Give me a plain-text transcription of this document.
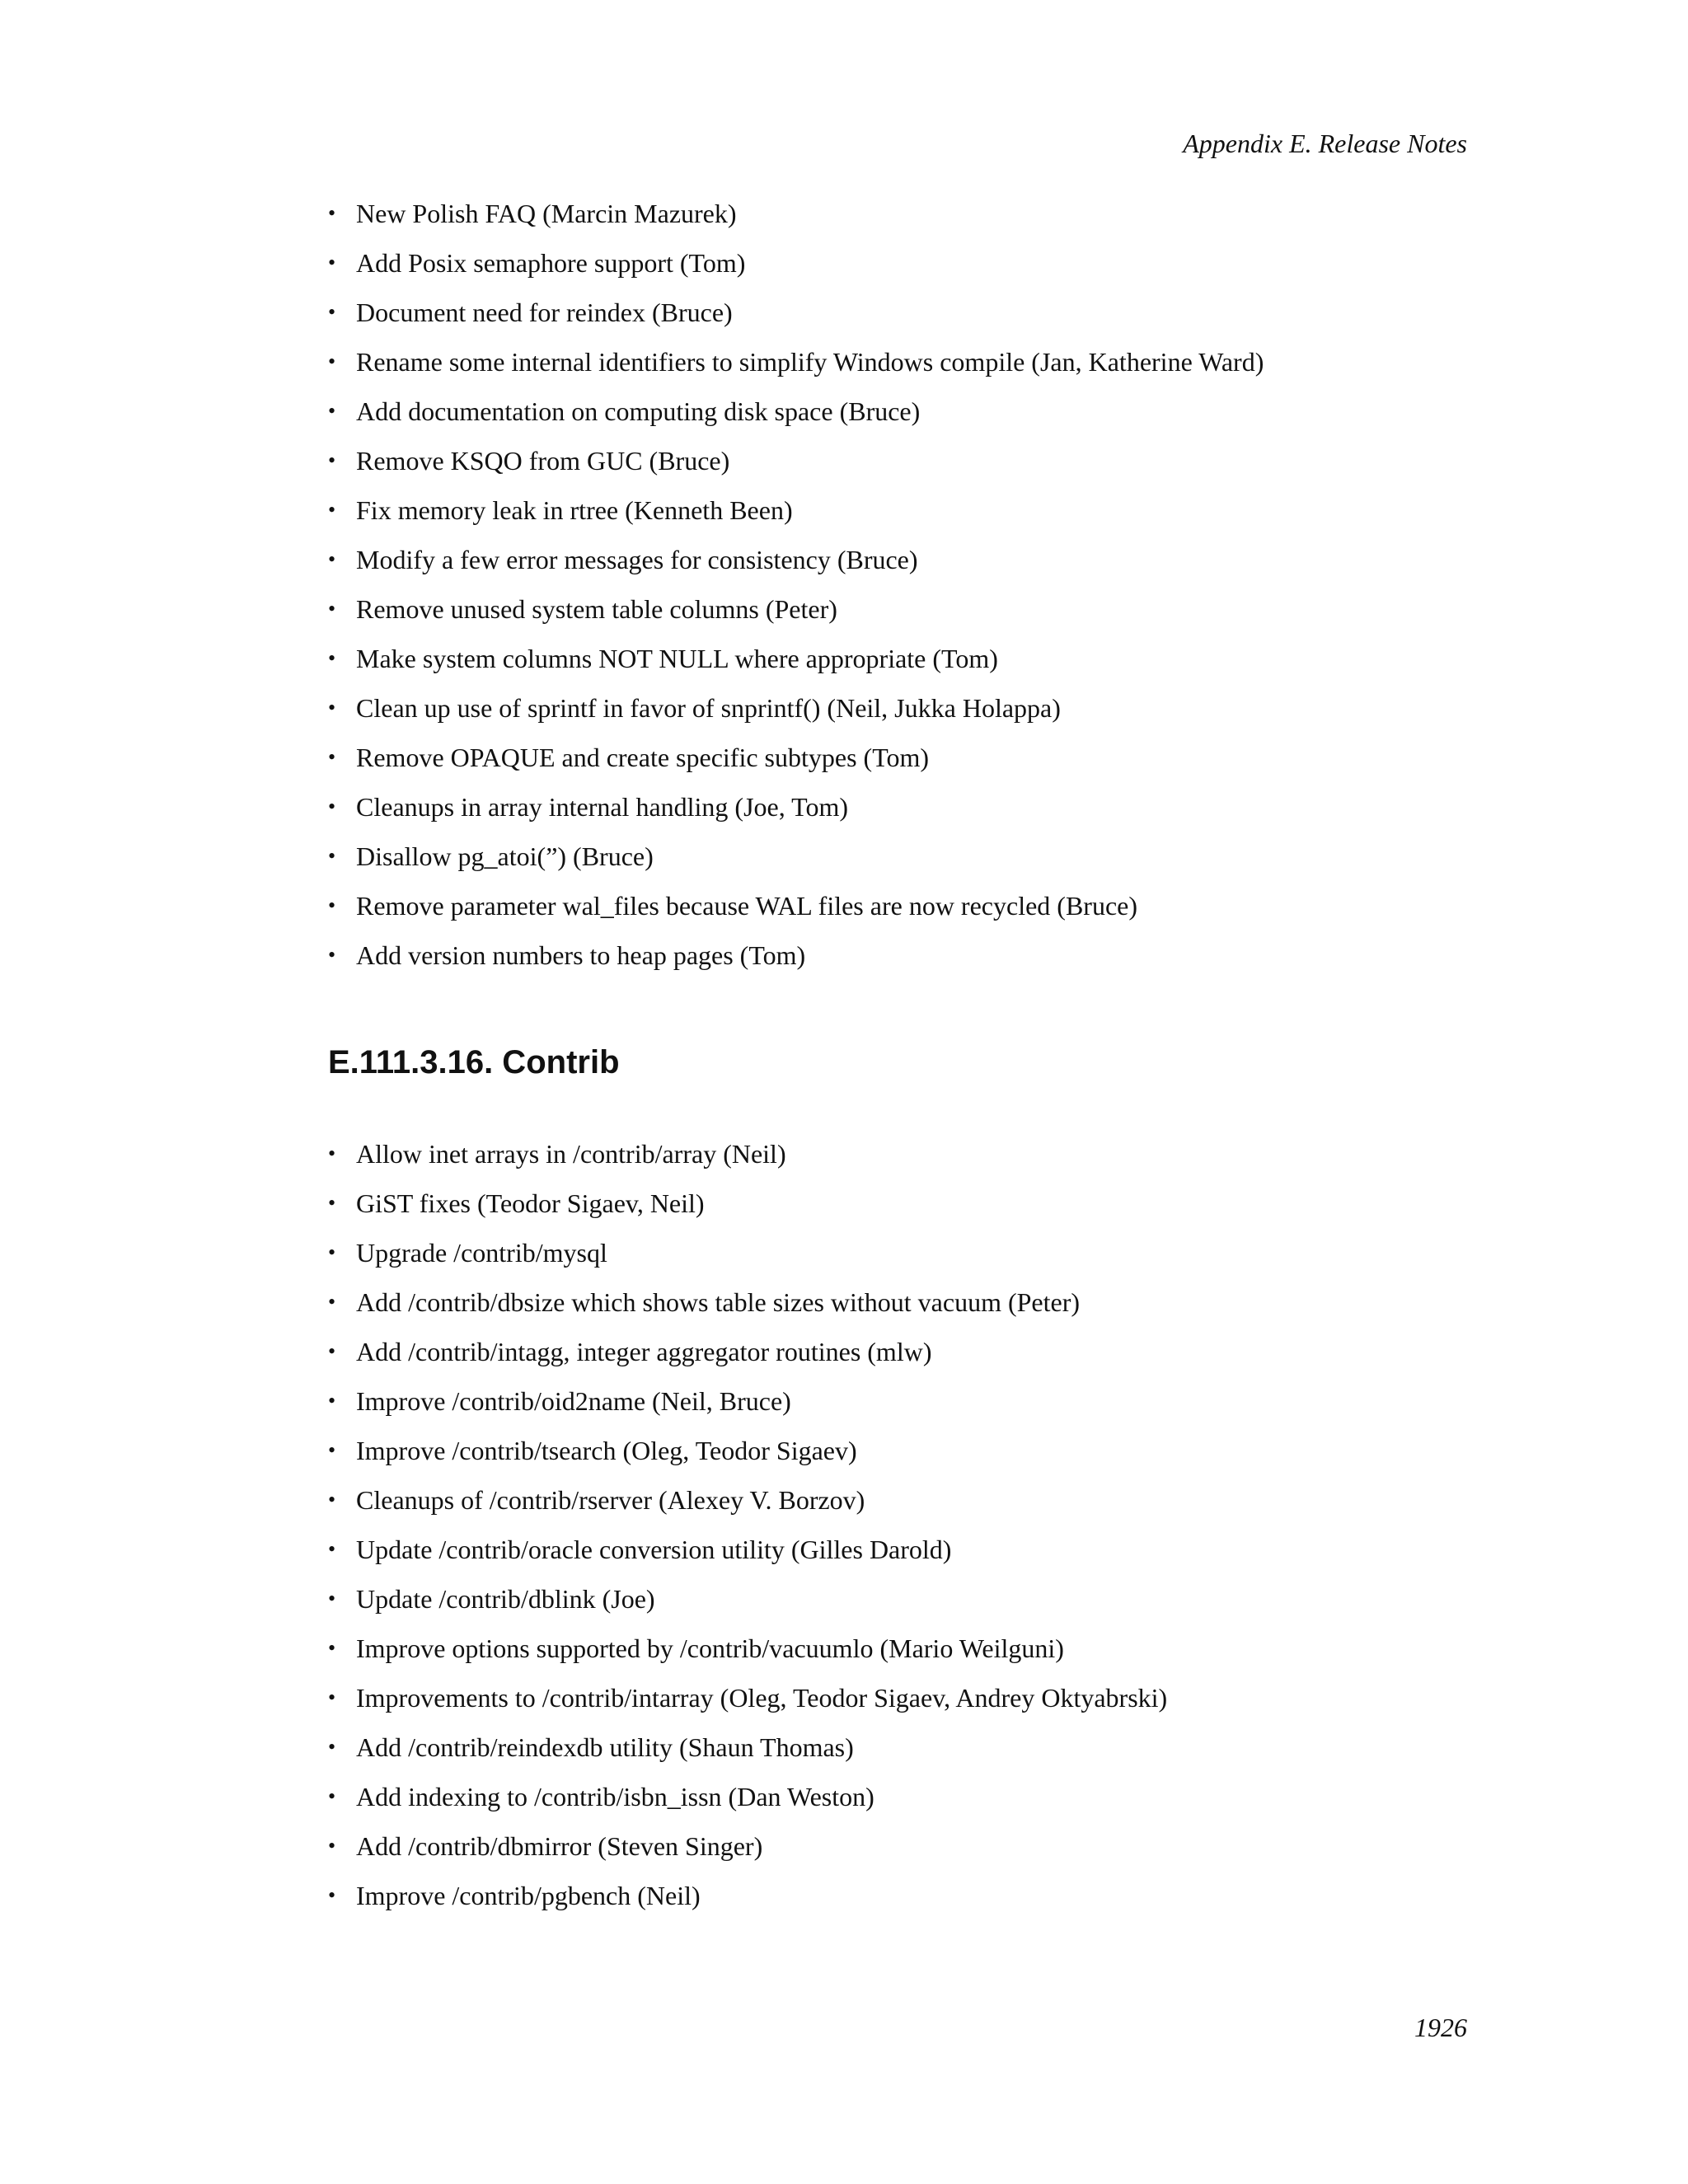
Appendix E. Release Notes
• New Polish FAQ (Marcin Mazurek)
• Add Posix semaphore support (Tom)
• Document need for reindex (Bruce)
• Rename some internal identifiers to simplify Windows compile (Jan, Katherine Ward)
• Add documentation on computing disk space (Bruce)
• Remove KSQO from GUC (Bruce)
• Fix memory leak in rtree (Kenneth Been)
• Modify a few error messages for consistency (Bruce)
• Remove unused system table columns (Peter)
• Make system columns NOT NULL where appropriate (Tom)
• Clean up use of sprintf in favor of snprintf() (Neil, Jukka Holappa)
• Remove OPAQUE and create specific subtypes (Tom)
• Cleanups in array internal handling (Joe, Tom)
• Disallow pg_atoi(”) (Bruce)
• Remove parameter wal_files because WAL files are now recycled (Bruce)
• Add version numbers to heap pages (Tom)
E.111.3.16. Contrib
• Allow inet arrays in /contrib/array (Neil)
• GiST fixes (Teodor Sigaev, Neil)
• Upgrade /contrib/mysql
• Add /contrib/dbsize which shows table sizes without vacuum (Peter)
• Add /contrib/intagg, integer aggregator routines (mlw)
• Improve /contrib/oid2name (Neil, Bruce)
• Improve /contrib/tsearch (Oleg, Teodor Sigaev)
• Cleanups of /contrib/rserver (Alexey V. Borzov)
• Update /contrib/oracle conversion utility (Gilles Darold)
• Update /contrib/dblink (Joe)
• Improve options supported by /contrib/vacuumlo (Mario Weilguni)
• Improvements to /contrib/intarray (Oleg, Teodor Sigaev, Andrey Oktyabrski)
• Add /contrib/reindexdb utility (Shaun Thomas)
• Add indexing to /contrib/isbn_issn (Dan Weston)
• Add /contrib/dbmirror (Steven Singer)
• Improve /contrib/pgbench (Neil)
1926
